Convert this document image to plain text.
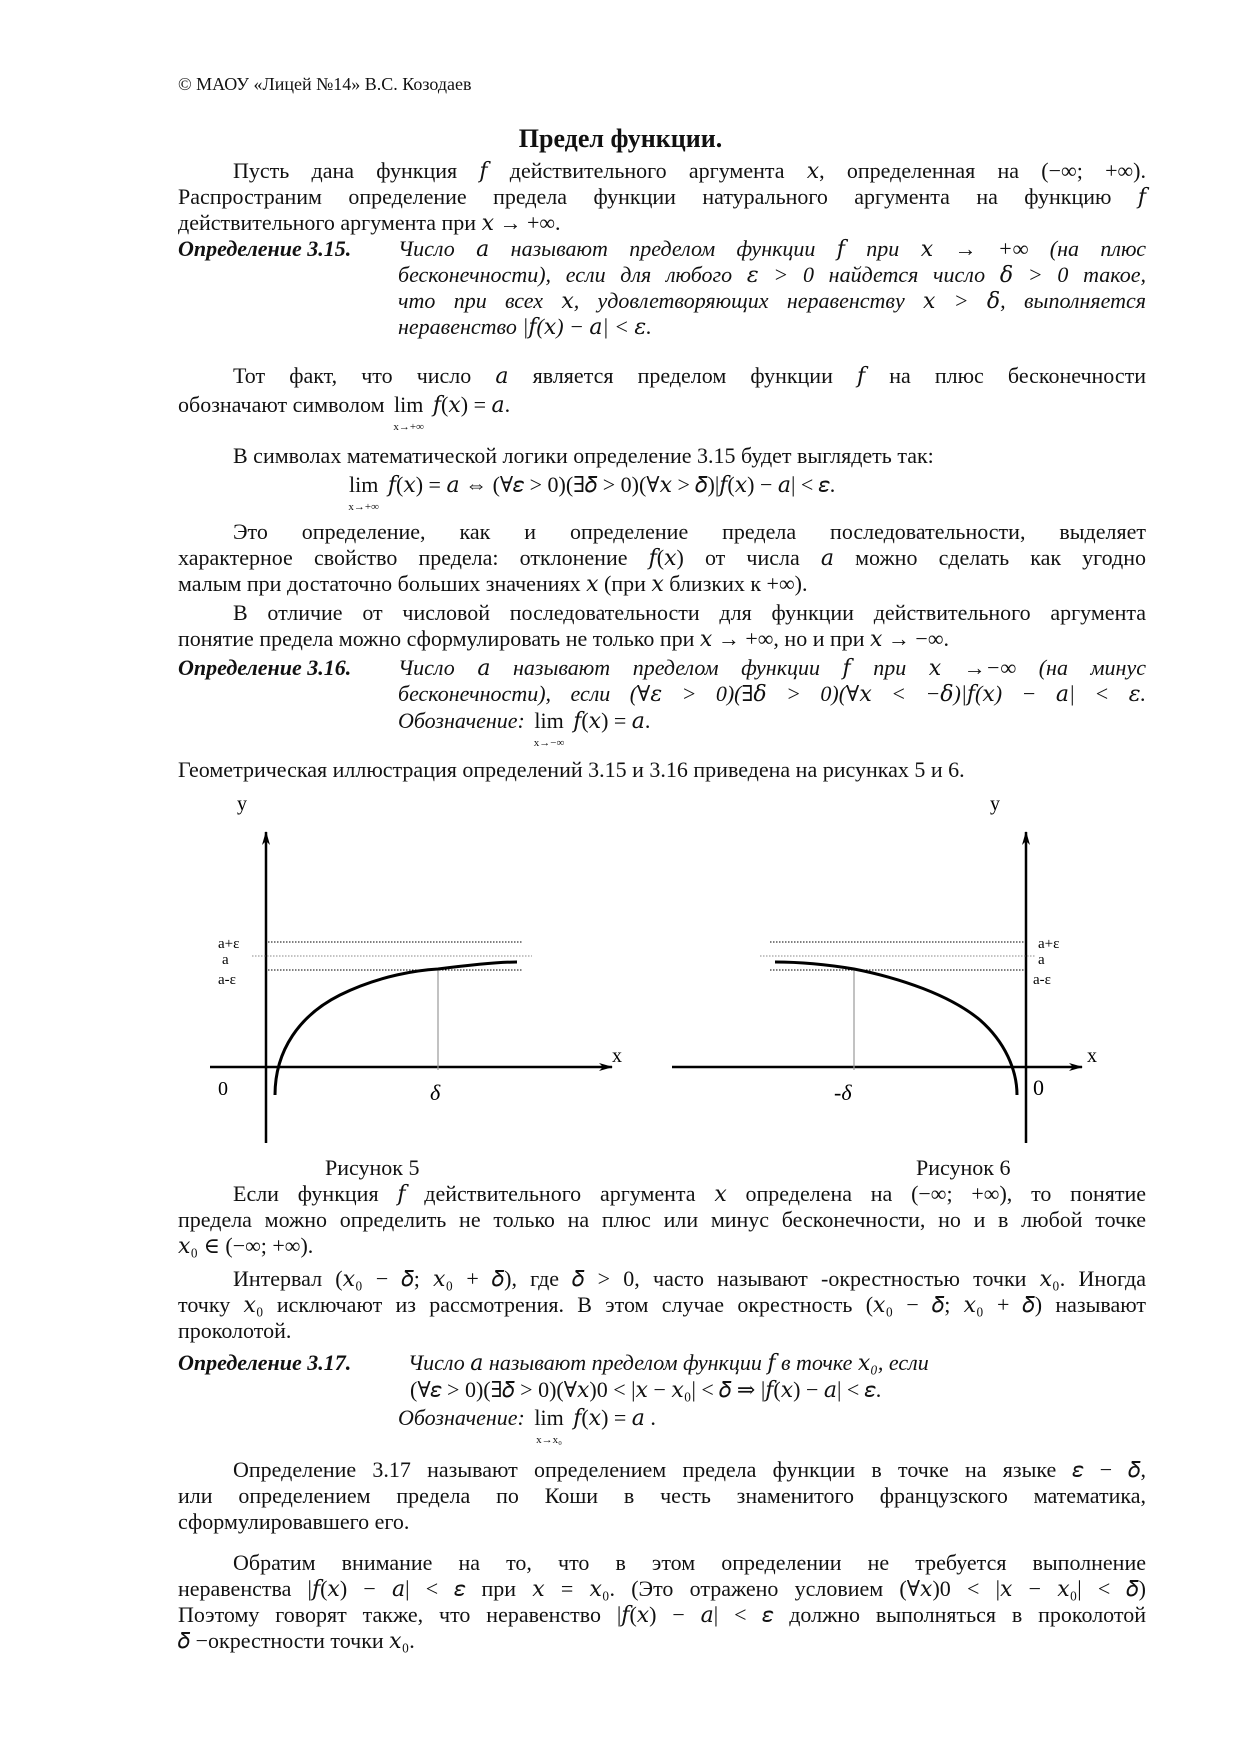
© МАОУ «Лицей №14» В.С. Козодаев
Предел функции.
Пусть дана функция 𝑓 действительного аргумента 𝑥, определенная на (−∞; +∞).
Распространим определение предела функции натурального аргумента на функцию 𝑓
действительного аргумента при 𝑥 → +∞.
Определение 3.15. Число 𝑎 называют пределом функции 𝑓 при 𝑥 → +∞ (на плюс
бесконечности), если для любого 𝜀 > 0 найдется число 𝛿 > 0 такое,
что при всех 𝑥, удовлетворяющих неравенству 𝑥 > 𝛿, выполняется
неравенство |𝑓(𝑥) − 𝑎| < 𝜀.
Тот факт, что число 𝑎 является пределом функции 𝑓 на плюс бесконечности
обозначают символом lim
x→+∞
𝑓(𝑥) = 𝑎.
В символах математической логики определение 3.15 будет выглядеть так:
lim
x→+∞
𝑓(𝑥) = 𝑎 ⇔ (∀𝜀 > 0)(∃𝛿 > 0)(∀𝑥 > 𝛿)|𝑓(𝑥) − 𝑎| < 𝜀.
Это определение, как и определение предела последовательности, выделяет
характерное свойство предела: отклонение 𝑓(𝑥) от числа 𝑎 можно сделать как угодно
малым при достаточно больших значениях 𝑥 (при 𝑥 близких к +∞).
В отличие от числовой последовательности для функции действительного аргумента
понятие предела можно сформулировать не только при 𝑥 → +∞, но и при 𝑥 → −∞.
Определение 3.16. Число 𝑎 называют пределом функции 𝑓 при 𝑥 →−∞ (на минус
бесконечности), если (∀𝜀 > 0)(∃𝛿 > 0)(∀𝑥 < −𝛿)|𝑓(𝑥) − 𝑎| < 𝜀.
Обозначение: lim
x→−∞
𝑓(𝑥) = 𝑎.
Геометрическая иллюстрация определений 3.15 и 3.16 приведена на рисунках 5 и 6.
y
x
0	δ
a+ε
a
a-ε
y
x
0
-δ
a+ε
a
a-ε
Рисунок 5	Рисунок 6
Если функция 𝑓 действительного аргумента 𝑥 определена на (−∞; +∞), то понятие
предела можно определить не только на плюс или минус бесконечности, но и в любой точке
𝑥₀ ∈ (−∞; +∞).
Интервал (𝑥₀ − 𝛿; 𝑥₀ + 𝛿), где 𝛿 > 0, часто называют -окрестностью точки 𝑥₀. Иногда
точку 𝑥₀ исключают из рассмотрения. В этом случае окрестность (𝑥₀ − 𝛿; 𝑥₀ + 𝛿) называют
проколотой.
Определение 3.17.	Число 𝑎 называют пределом функции 𝑓 в точке 𝑥₀, если
(∀𝜀 > 0)(∃𝛿 > 0)(∀𝑥)0 < |𝑥 − 𝑥₀| < 𝛿 ⇒ |𝑓(𝑥) − 𝑎| < 𝜀.
Обозначение: lim
x→x₀
𝑓(𝑥) = 𝑎 .
Определение 3.17 называют определением предела функции в точке на языке 𝜀 − 𝛿,
или определением предела по Коши в честь знаменитого французского математика,
сформулировавшего его.
Обратим внимание на то, что в этом определении не требуется выполнение
неравенства |𝑓(𝑥) − 𝑎| < 𝜀 при 𝑥 = 𝑥₀. (Это отражено условием (∀𝑥)0 < |𝑥 − 𝑥₀| < 𝛿)
Поэтому говорят также, что неравенство |𝑓(𝑥) − 𝑎| < 𝜀 должно выполняться в проколотой
𝛿 −окрестности точки 𝑥₀.
